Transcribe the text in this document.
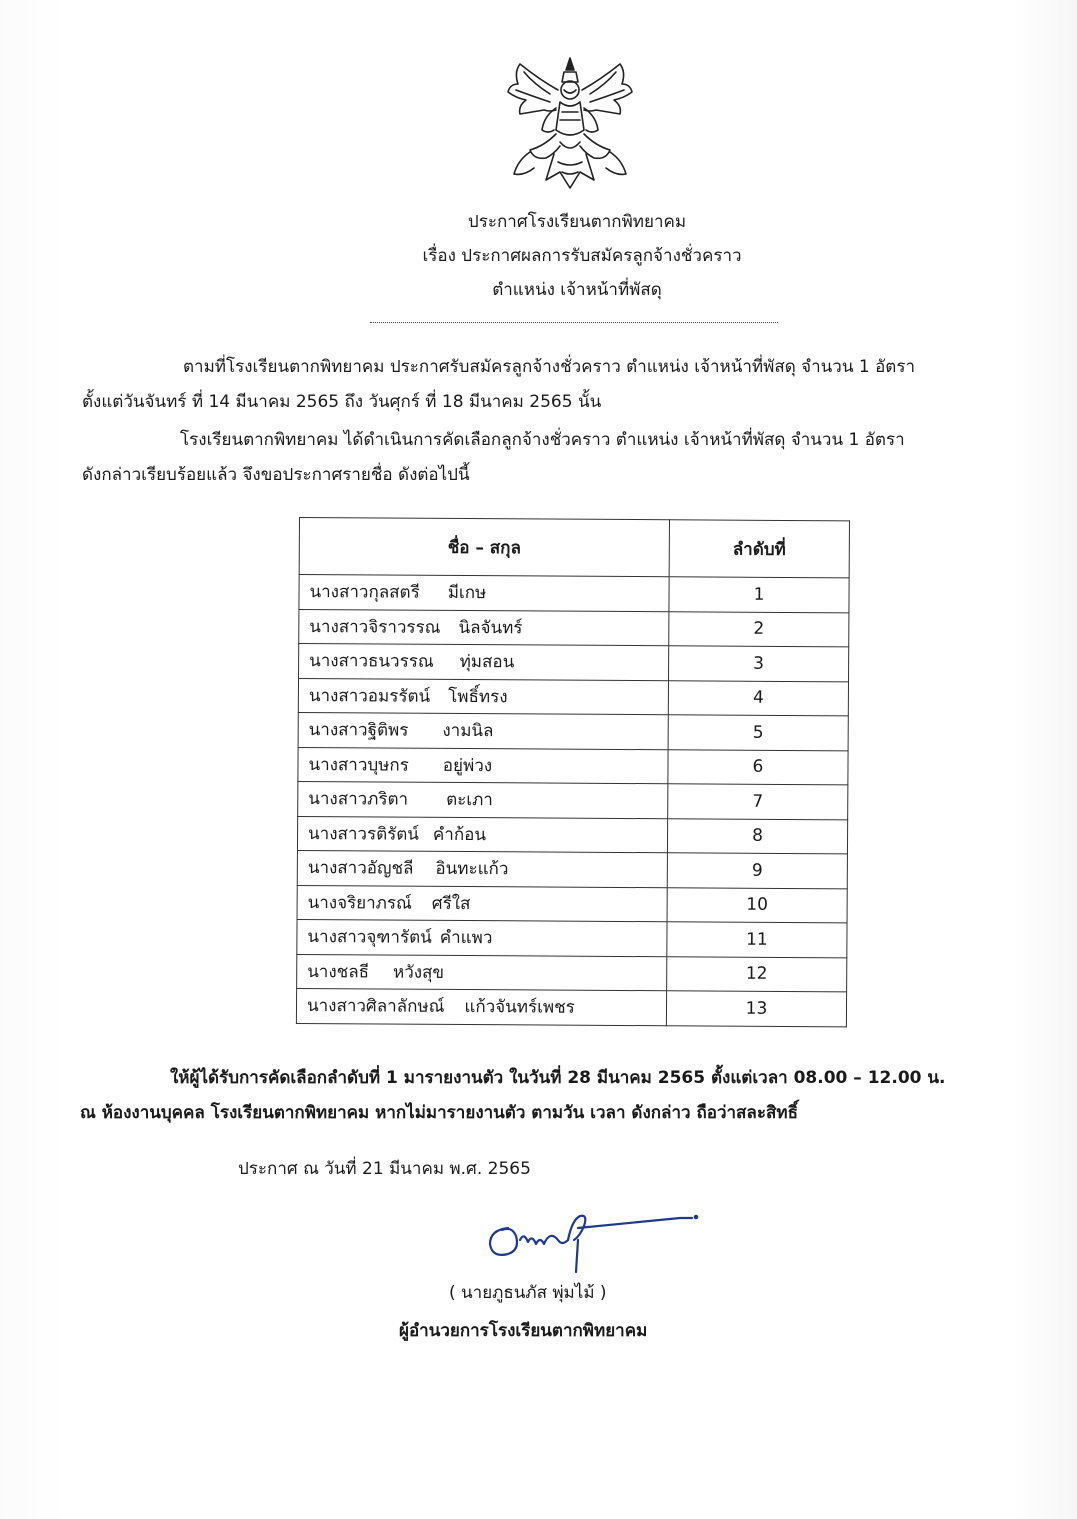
ประกาศโรงเรียนตากพิทยาคม
เรื่อง ประกาศผลการรับสมัครลูกจ้างชั่วคราว
ตำแหน่ง เจ้าหน้าที่พัสดุ
ตามที่โรงเรียนตากพิทยาคม ประกาศรับสมัครลูกจ้างชั่วคราว ตำแหน่ง เจ้าหน้าที่พัสดุ จำนวน 1 อัตรา
ตั้งแต่วันจันทร์ ที่ 14 มีนาคม 2565 ถึง วันศุกร์ ที่ 18 มีนาคม 2565 นั้น
โรงเรียนตากพิทยาคม ได้ดำเนินการคัดเลือกลูกจ้างชั่วคราว ตำแหน่ง เจ้าหน้าที่พัสดุ จำนวน 1 อัตรา
ดังกล่าวเรียบร้อยแล้ว จึงขอประกาศรายชื่อ ดังต่อไปนี้
ชื่อ – สกุล	ลำดับที่
นางสาวกุลสตรี มีเกษ	1
นางสาวจิราวรรณ นิลจันทร์	2
นางสาวธนวรรณ ทุ่มสอน	3
นางสาวอมรรัตน์ โพธิ์ทรง	4
นางสาวฐิติพร งามนิล	5
นางสาวบุษกร อยู่พ่วง	6
นางสาวภริตา ตะเภา	7
นางสาวรติรัตน์ คำก้อน	8
นางสาวอัญชลี อินทะแก้ว	9
นางจริยาภรณ์ ศรีใส	10
นางสาวจุฑารัตน์ คำแพว	11
นางชลธี หวังสุข	12
นางสาวศิลาลักษณ์ แก้วจันทร์เพชร	13
ให้ผู้ได้รับการคัดเลือกลำดับที่ 1 มารายงานตัว ในวันที่ 28 มีนาคม 2565 ตั้งแต่เวลา 08.00 – 12.00 น.
ณ ห้องงานบุคคล โรงเรียนตากพิทยาคม หากไม่มารายงานตัว ตามวัน เวลา ดังกล่าว ถือว่าสละสิทธิ์
ประกาศ ณ วันที่ 21 มีนาคม พ.ศ. 2565
( นายภูธนภัส พุ่มไม้ )
ผู้อำนวยการโรงเรียนตากพิทยาคม
